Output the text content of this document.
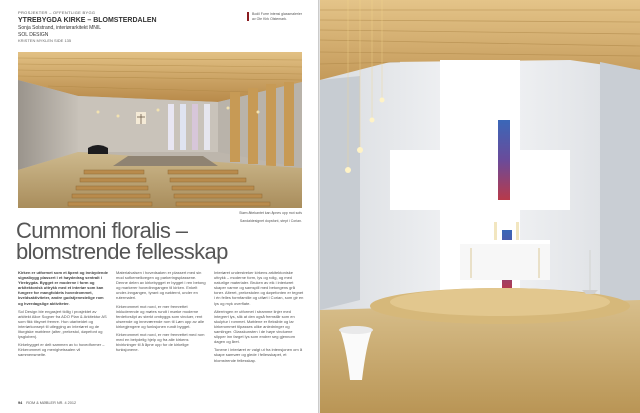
PROSJEKTER – OFFENTLIGE BYGG
YTREBYGDA KIRKE – BLOMSTERDALEN
Sonja Solstrand, interiørarkitekt MNIL
SOL DESIGN
KRISTEN MYKLEN SIDE 135
Bodil Furre intensi glassmalerier av Ole Kirk Olstemark.
Støm åttekantet kan åpnes opp mot sofs
Sandaldesignet dopsfont, stept i Corian.
Cummoni floralis –
blomstrende fellesskap

Kirken er utformet som et åpent og innbydende signalbygg plassert i et høydedrag sentralt i Ytrebygda. Bygget er moderne i form og arkitektonisk uttrykk med et interiør som kan fungere for mangfoldets hovedrommet, kveldsaktiviteter, andre gudstjenestelige rom og hverdagslige aktiviteter.

Sol Design ble engasjert tidlig i prosjektet av arkitekt Alice Sogner fra ADO Plan & Arkitektur AS som fikk tilsynet fremre. Hun utarbeidet og interiørkonsept til utlegging av interiøret og de liturgiske møblene (alter, prekestol, døpefont og lysgloben).

Kirkebygget er delt sammen av to hovedformer – Kirkerommet og menighetssalen vil sammensmelte.

Materialvalsen i hovedsaken er plassert med sin mod sofkemelkvegen og parkeringsplassene. Denne delen av kirkebygget er bygget i ren betong og markerer hovedinngangen til kirken. Enkelt under-inngangen, tyrant og nøkternt, under en rutermaleri.

Kirkerommet mot nord, er mer fremrettet inkluderende og møtes rundt i mørke moderne ferdeforslipt av sterkt ombyggs som vinduer, rent utseende og inneværende rom til Løm opp av alle kirkegjengere og funksjonen rundt bygget.

Kirkerommet mot nord, er mer fremrettet med rom med en betydelig hjelp og fra alle kirkens bivirkninger til å åpne opp for de kirkelige funksjonene.

Interiøret understreker kirkens arkitektoniske uttrykk – moderne form, lys og rolig, og med naturlige materialer. Bruken av eik i interiøret skaper varme og samspill med betongens grå toner. Alteret, prekestolen og døpefonten er tegnet i én felles formfamilie og utført i Corian, som gir en lys og myk overflate.

Alterringen er utformet i stramme linjer med integrert lys, slik at den også fremstår som en skulptur i rommet. Møblene er fleksible og lar kirkerommet tilpasses ulike anledninger og samlinger. Glasskunsten i de høye vinduene slipper inn farget lys som endrer seg gjennom dagen og året.

Tonene i interiøret er valgt ut fra intensjonen om å skape samvær og glede i fellesskapet, et blomstrende fellesskap.

94 ROM & MØBLER NR. 4 2012
